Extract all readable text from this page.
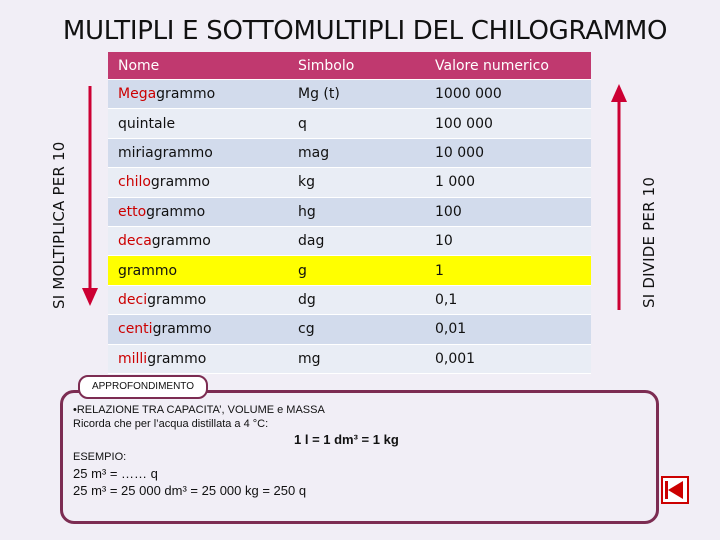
MULTIPLI E SOTTOMULTIPLI DEL CHILOGRAMMO
SI MOLTIPLICA PER 10	SI DIVIDE PER 10
Nome	Simbolo	Valore numerico
Megagrammo	Mg (t)	1000 000
quintale	q	100 000
miriagrammo	mag	10 000
chilogrammo	kg	1 000
ettogrammo	hg	100
decagrammo	dag	10
grammo	g	1
decigrammo	dg	0,1
centigrammo	cg	0,01
milligrammo	mg	0,001
APPROFONDIMENTO
•RELAZIONE TRA CAPACITA’, VOLUME e MASSA
Ricorda che per l’acqua distillata a 4 °C:
1 l = 1 dm³ = 1 kg
ESEMPIO:
25 m³ = …… q
25 m³ = 25 000 dm³ = 25 000 kg = 250 q
